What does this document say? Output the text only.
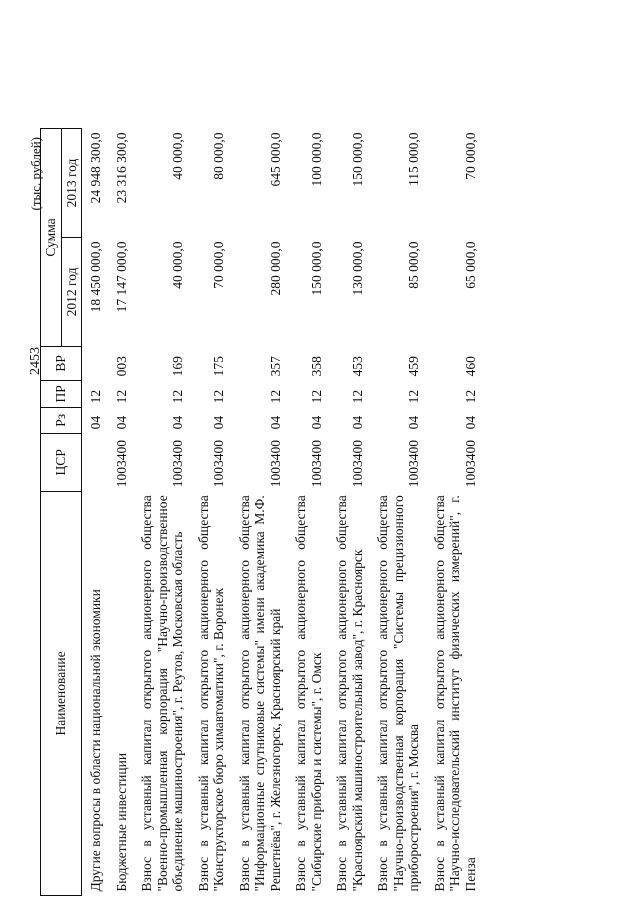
2453
(тыс. рублей)
Наименование	ЦСР	Рз	ПР	ВР	Сумма	
					2012 год	2013 год
Другие вопросы в области национальной экономики		04	12		18 450 000,0	24 948 300,0
Бюджетные инвестиции	1003400	04	12	003	17 147 000,0	23 316 300,0
Взнос в уставный капитал открытого акционерного общества "Военно-промышленная корпорация "Научно-производственное объединение машиностроения", г. Реутов, Московская область	1003400	04	12	169	40 000,0	40 000,0
Взнос в уставный капитал открытого акционерного общества "Конструкторское бюро химавтоматики", г. Воронеж	1003400	04	12	175	70 000,0	80 000,0
Взнос в уставный капитал открытого акционерного общества "Информационные спутниковые системы" имени академика М.Ф. Решетнёва", г. Железногорск, Красноярский край	1003400	04	12	357	280 000,0	645 000,0
Взнос в уставный капитал открытого акционерного общества "Сибирские приборы и системы", г. Омск	1003400	04	12	358	150 000,0	100 000,0
Взнос в уставный капитал открытого акционерного общества "Красноярский машиностроительный завод", г. Красноярск	1003400	04	12	453	130 000,0	150 000,0
Взнос в уставный капитал открытого акционерного общества "Научно-производственная корпорация "Системы прецизионного приборостроения", г. Москва	1003400	04	12	459	85 000,0	115 000,0
Взнос в уставный капитал открытого акционерного общества "Научно-исследовательский институт физических измерений", г. Пенза	1003400	04	12	460	65 000,0	70 000,0
